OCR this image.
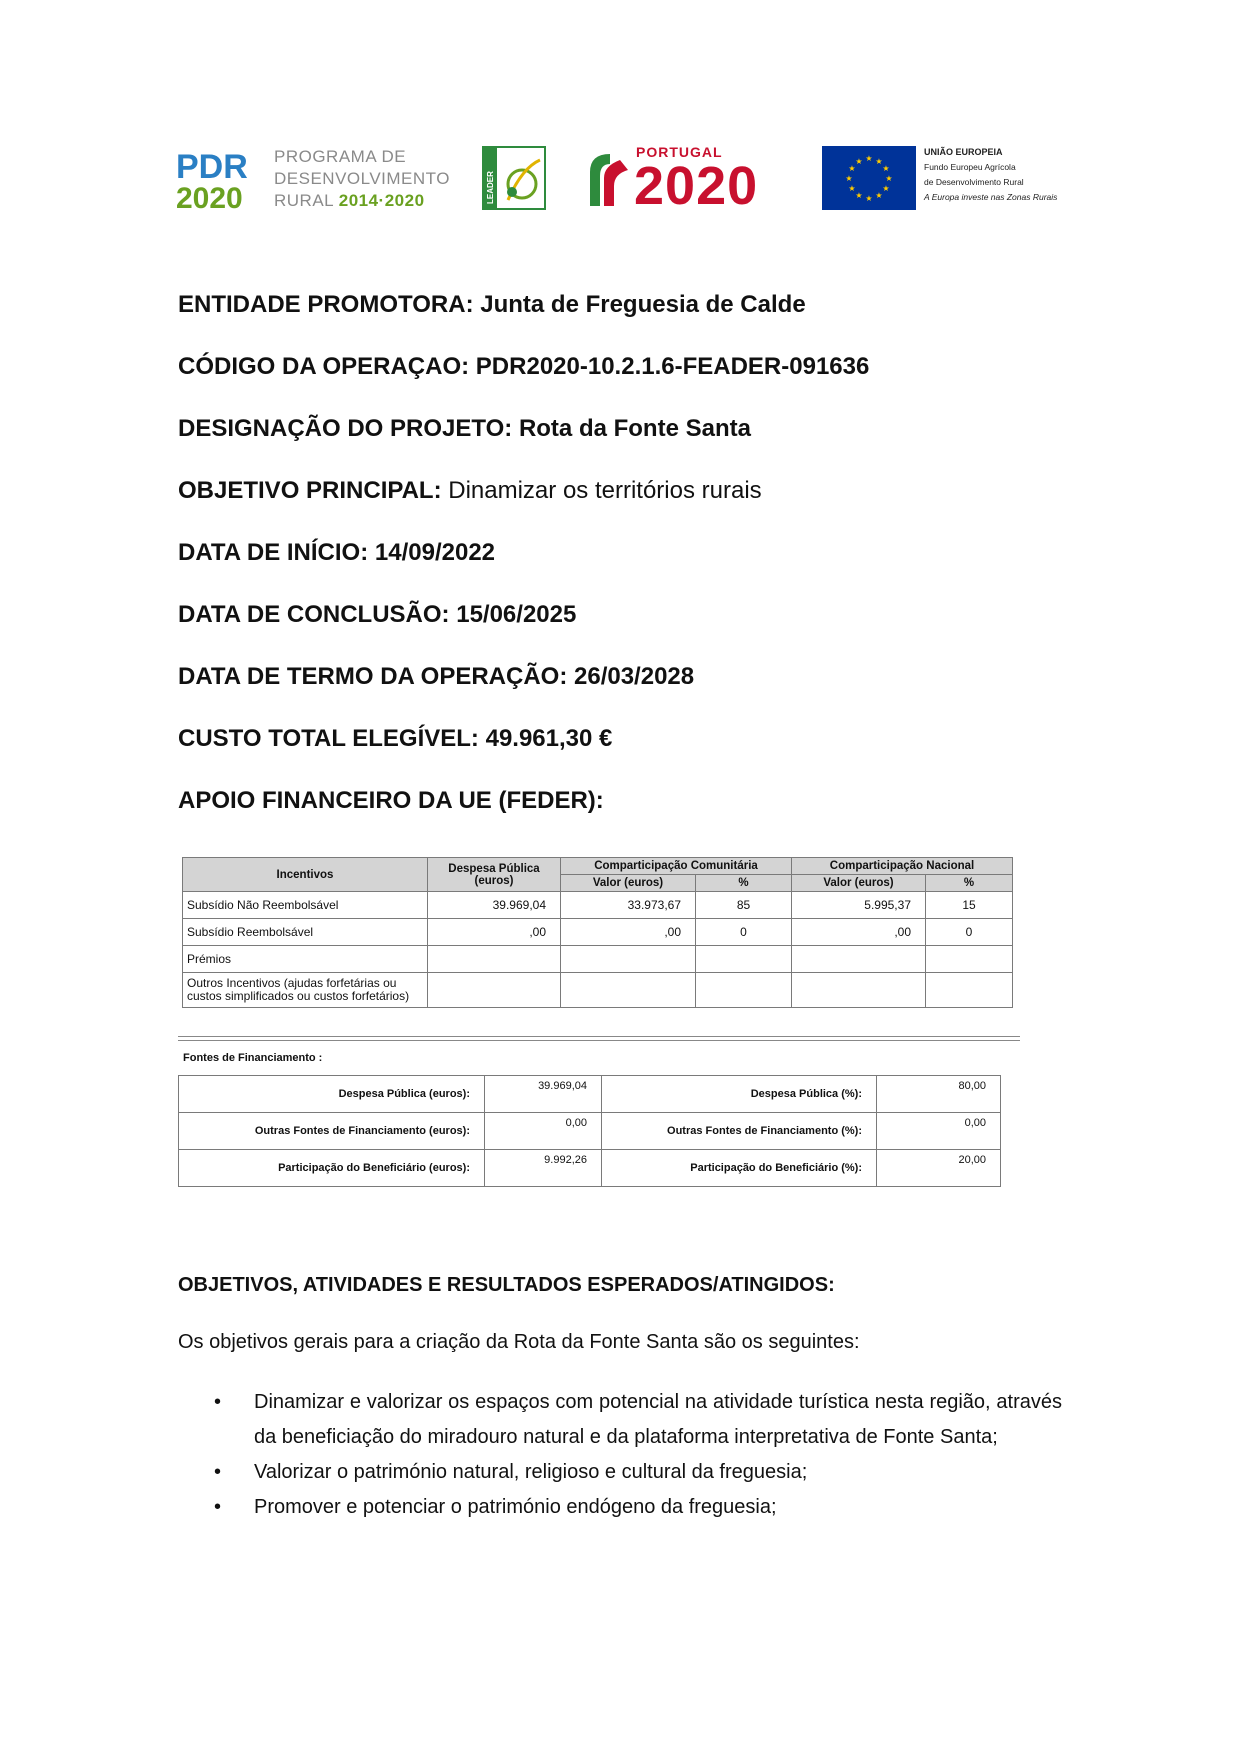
PDR
2020
PROGRAMA DE
DESENVOLVIMENTO
RURAL 2014·2020	LEADER
PORTUGAL
2020	★ ★
★
★
★
★
★
★
★
★
★
★
UNIÃO EUROPEIA
Fundo Europeu Agrícola
de Desenvolvimento Rural
A Europa investe nas Zonas Rurais
ENTIDADE PROMOTORA: Junta de Freguesia de Calde
CÓDIGO DA OPERAÇAO: PDR2020-10.2.1.6-FEADER-091636
DESIGNAÇÃO DO PROJETO: Rota da Fonte Santa
OBJETIVO PRINCIPAL: Dinamizar os territórios rurais
DATA DE INÍCIO: 14/09/2022
DATA DE CONCLUSÃO: 15/06/2025
DATA DE TERMO DA OPERAÇÃO: 26/03/2028
CUSTO TOTAL ELEGÍVEL: 49.961,30 €
APOIO FINANCEIRO DA UE (FEDER):
Incentivos	Despesa Pública (euros)	Comparticipação Comunitária		Comparticipação Nacional	
		Valor (euros)	%	Valor (euros)	%
Subsídio Não Reembolsável	39.969,04	33.973,67	85	5.995,37	15
Subsídio Reembolsável	,00	,00	0	,00	0
Prémios					
Outros Incentivos (ajudas forfetárias ou custos simplificados ou custos forfetários)					
Fontes de Financiamento :
Despesa Pública (euros):	39.969,04	Despesa Pública (%):	80,00
Outras Fontes de Financiamento (euros):	0,00	Outras Fontes de Financiamento (%):	0,00
Participação do Beneficiário (euros):	9.992,26	Participação do Beneficiário (%):	20,00
OBJETIVOS, ATIVIDADES E RESULTADOS ESPERADOS/ATINGIDOS:
Os objetivos gerais para a criação da Rota da Fonte Santa são os seguintes:
• Dinamizar e valorizar os espaços com potencial na atividade turística nesta região, através da beneficiação do miradouro natural e da plataforma interpretativa de Fonte Santa;
• Valorizar o património natural, religioso e cultural da freguesia;
• Promover e potenciar o património endógeno da freguesia;
